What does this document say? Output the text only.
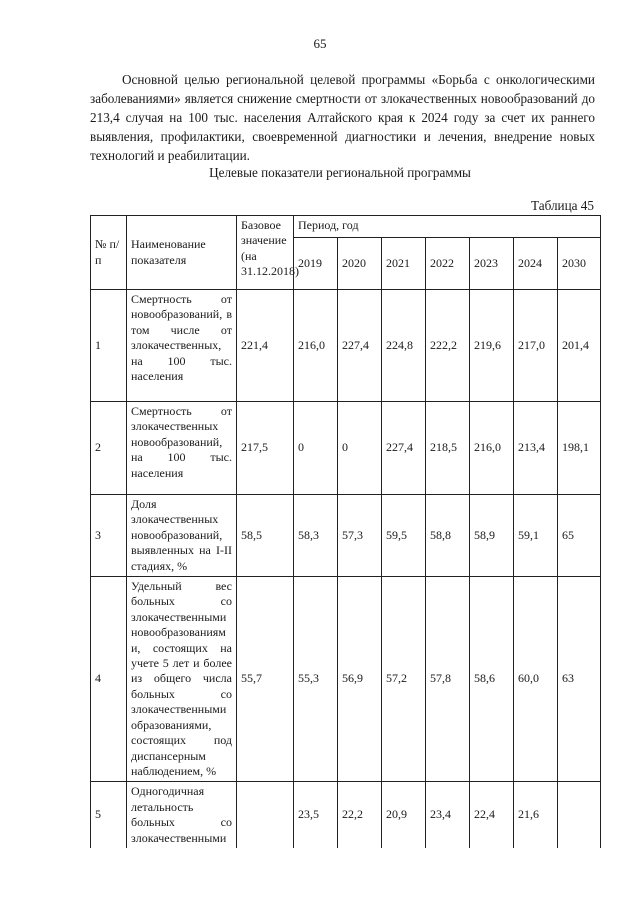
65

Основной целью региональной целевой программы «Борьба с онкологическими заболеваниями» является снижение смертности от злокачественных новообразований до 213,4 случая на 100 тыс. населения Алтайского края к 2024 году за счет их раннего выявления, профилактики, своевременной диагностики и лечения, внедрение новых технологий и реабилитации.

Целевые показатели региональной программы
Таблица 45
№ п/п	Наименование показателя	Базовое значение (на 31.12.2018)	Период, год						
			2019	2020	2021	2022	2023	2024	2030
1	Смертность от новообразований, в том числе от злокачественных, на 100 тыс. населения	221,4	216,0	227,4	224,8	222,2	219,6	217,0	201,4
2	Смертность от злокачественных новообразований, на 100 тыс. населения	217,5	0	0	227,4	218,5	216,0	213,4	198,1
3	Доля злокачественных новообразований, выявленных на I-II стадиях, %	58,5	58,3	57,3	59,5	58,8	58,9	59,1	65
4	Удельный вес больных со злокачественными новообразованиями, состоящих на учете 5 лет и более из общего числа больных со злокачественными образованиями, состоящих под диспансерным наблюдением, %	55,7	55,3	56,9	57,2	57,8	58,6	60,0	63
5	Одногодичная летальность больных со злокачественными		23,5	22,2	20,9	23,4	22,4	21,6	
